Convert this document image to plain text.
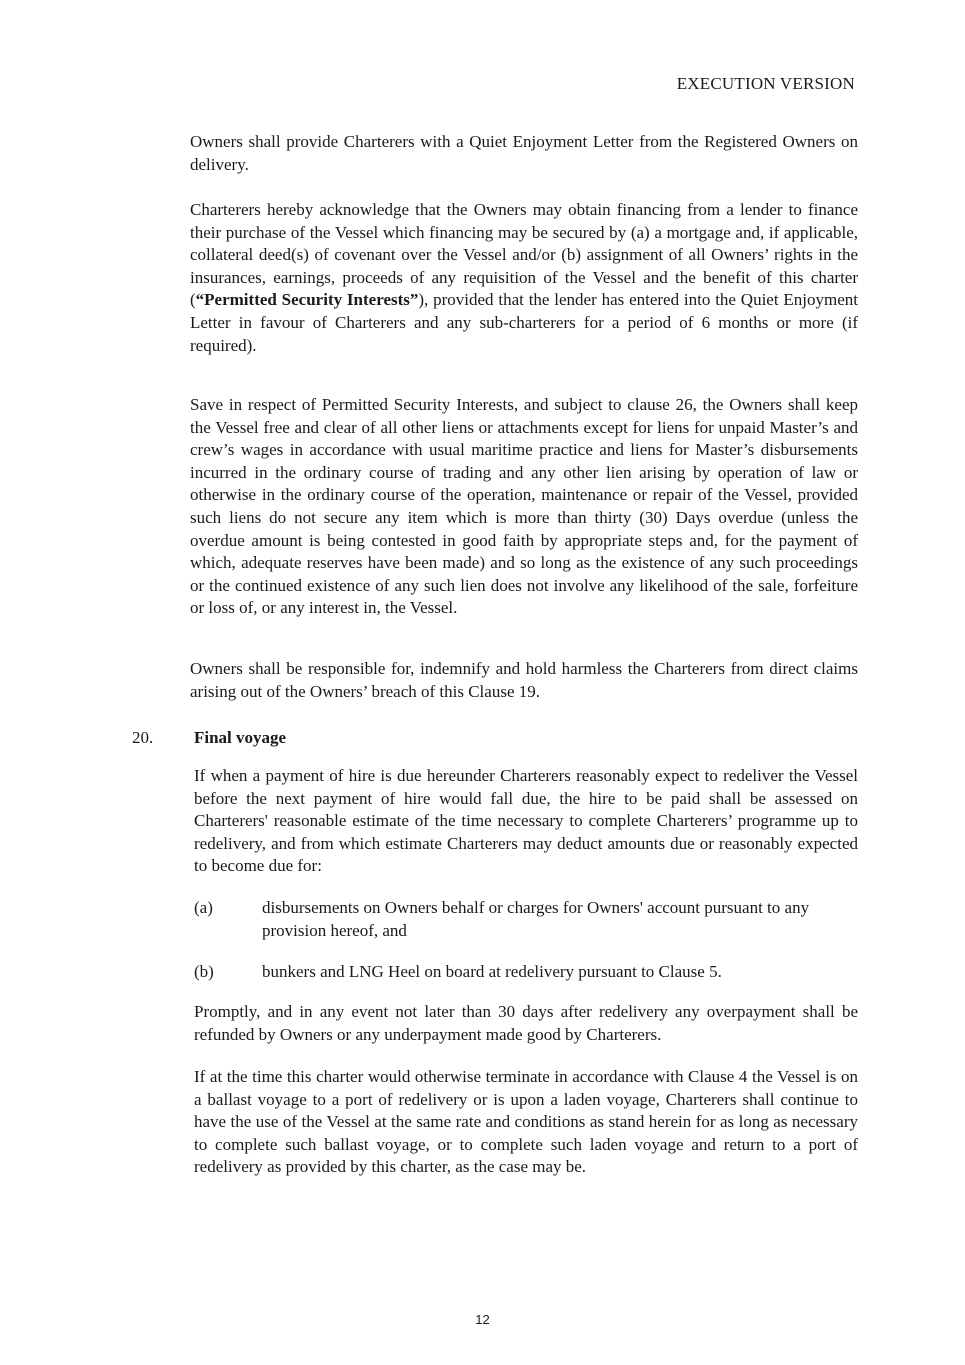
EXECUTION VERSION

Owners shall provide Charterers with a Quiet Enjoyment Letter from the Registered Owners on delivery.

Charterers hereby acknowledge that the Owners may obtain financing from a lender to finance their purchase of the Vessel which financing may be secured by (a) a mortgage and, if applicable, collateral deed(s) of covenant over the Vessel and/or (b) assignment of all Owners’ rights in the insurances, earnings, proceeds of any requisition of the Vessel and the benefit of this charter (“Permitted Security Interests”), provided that the lender has entered into the Quiet Enjoyment Letter in favour of Charterers and any sub-charterers for a period of 6 months or more (if required).

Save in respect of Permitted Security Interests, and subject to clause 26, the Owners shall keep the Vessel free and clear of all other liens or attachments except for liens for unpaid Master’s and crew’s wages in accordance with usual maritime practice and liens for Master’s disbursements incurred in the ordinary course of trading and any other lien arising by operation of law or otherwise in the ordinary course of the operation, maintenance or repair of the Vessel, provided such liens do not secure any item which is more than thirty (30) Days overdue (unless the overdue amount is being contested in good faith by appropriate steps and, for the payment of which, adequate reserves have been made) and so long as the existence of any such proceedings or the continued existence of any such lien does not involve any likelihood of the sale, forfeiture or loss of, or any interest in, the Vessel.

Owners shall be responsible for, indemnify and hold harmless the Charterers from direct claims arising out of the Owners’ breach of this Clause 19.

20. Final voyage

If when a payment of hire is due hereunder Charterers reasonably expect to redeliver the Vessel before the next payment of hire would fall due, the hire to be paid shall be assessed on Charterers' reasonable estimate of the time necessary to complete Charterers’ programme up to redelivery, and from which estimate Charterers may deduct amounts due or reasonably expected to become due for:

(a)	disbursements on Owners behalf or charges for Owners' account pursuant to any provision hereof, and
(b)	bunkers and LNG Heel on board at redelivery pursuant to Clause 5.

Promptly, and in any event not later than 30 days after redelivery any overpayment shall be refunded by Owners or any underpayment made good by Charterers.

If at the time this charter would otherwise terminate in accordance with Clause 4 the Vessel is on a ballast voyage to a port of redelivery or is upon a laden voyage, Charterers shall continue to have the use of the Vessel at the same rate and conditions as stand herein for as long as necessary to complete such ballast voyage, or to complete such laden voyage and return to a port of redelivery as provided by this charter, as the case may be.

12
